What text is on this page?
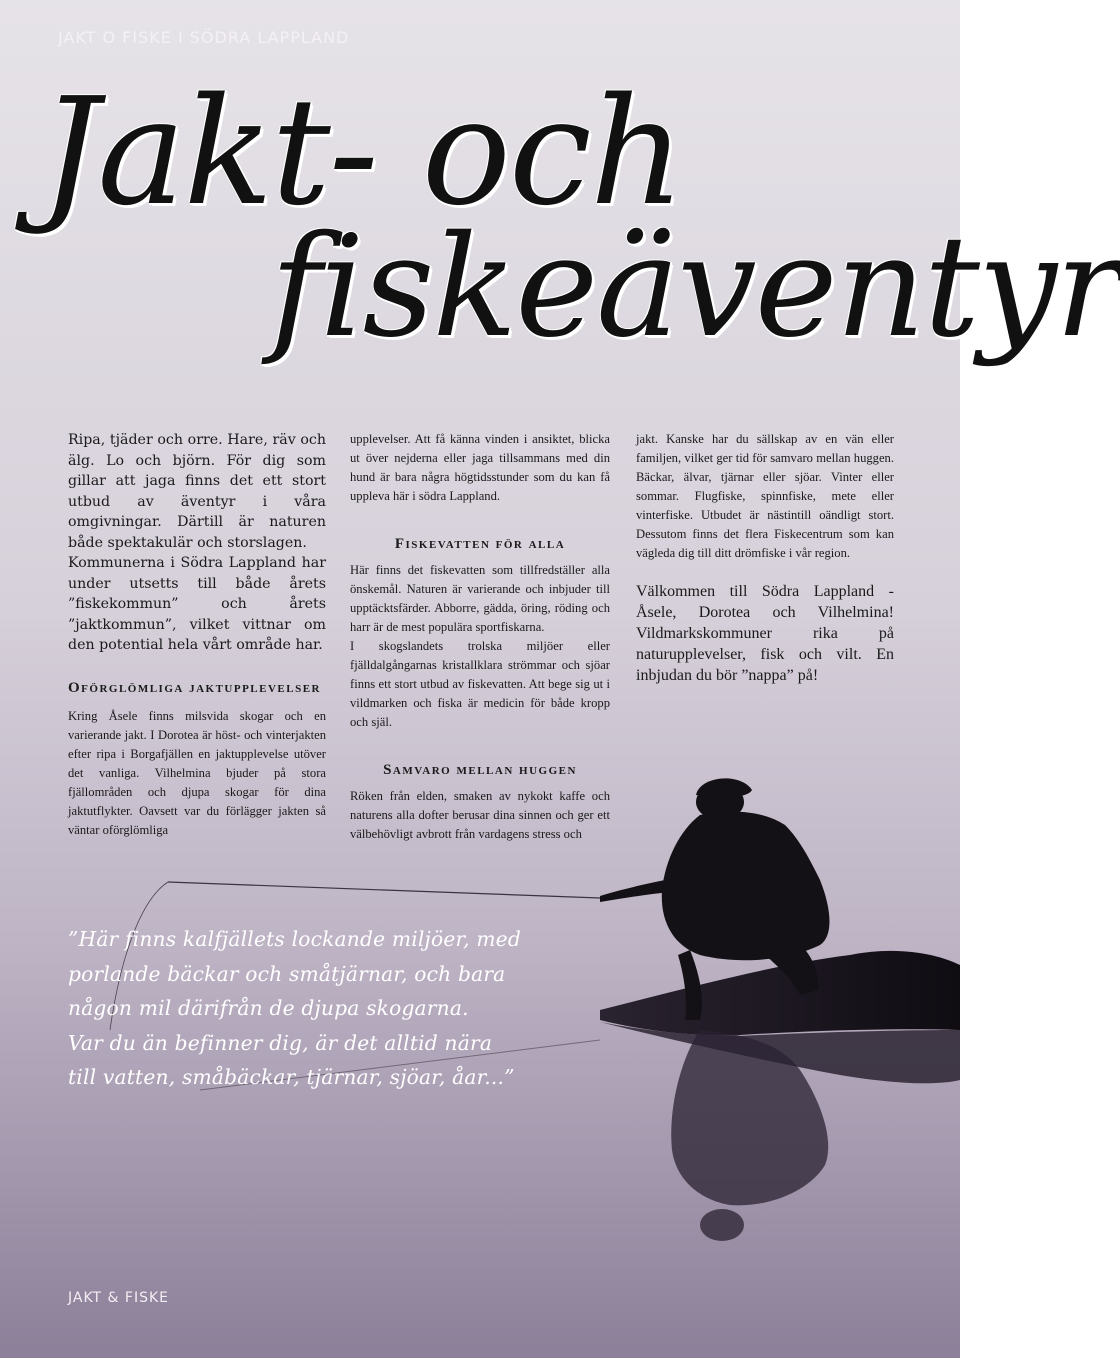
JAKT O FISKE I SÖDRA LAPPLAND
Jakt- och
fiskeäventyr

Ripa, tjäder och orre. Hare, räv och älg. Lo och björn. För dig som gillar att jaga finns det ett stort utbud av äventyr i våra omgivningar. Därtill är naturen både spektakulär och storslagen.

Kommunerna i Södra Lappland har under utsetts till både årets ”fiskekommun” och årets ”jaktkommun”, vilket vittnar om den potential hela vårt område har.

Oförglömliga jaktupplevelser

Kring Åsele finns milsvida skogar och en varierande jakt. I Dorotea är höst- och vinterjakten efter ripa i Borgafjällen en jaktupplevelse utöver det vanliga. Vilhelmina bjuder på stora fjällområden och djupa skogar för dina jaktutflykter. Oavsett var du förlägger jakten så väntar oförglömliga

upplevelser. Att få känna vinden i ansiktet, blicka ut över nejderna eller jaga tillsammans med din hund är bara några högtidsstunder som du kan få uppleva här i södra Lappland.

Fiskevatten för alla

Här finns det fiskevatten som tillfredställer alla önskemål. Naturen är varierande och inbjuder till upptäcktsfärder. Abborre, gädda, öring, röding och harr är de mest populära sportfiskarna.

I skogslandets trolska miljöer eller fjälldalgångarnas kristallklara strömmar och sjöar finns ett stort utbud av fiskevatten. Att bege sig ut i vildmarken och fiska är medicin för både kropp och själ.

Samvaro mellan huggen

Röken från elden, smaken av nykokt kaffe och naturens alla dofter berusar dina sinnen och ger ett välbehövligt avbrott från vardagens stress och

jakt. Kanske har du sällskap av en vän eller familjen, vilket ger tid för samvaro mellan huggen. Bäckar, älvar, tjärnar eller sjöar. Vinter eller sommar. Flugfiske, spinnfiske, mete eller vinterfiske. Utbudet är nästintill oändligt stort. Dessutom finns det flera Fiskecentrum som kan vägleda dig till ditt drömfiske i vår region.

Välkommen till Södra Lappland - Åsele, Dorotea och Vilhelmina! Vildmarkskommuner rika på naturupplevelser, fisk och vilt. En inbjudan du bör ”nappa” på!

”Här finns kalfjällets lockande miljöer, med
porlande bäckar och småtjärnar, och bara
någon mil därifrån de djupa skogarna.
Var du än befinner dig, är det alltid nära
till vatten, småbäckar, tjärnar, sjöar, åar...”
JAKT & FISKE
